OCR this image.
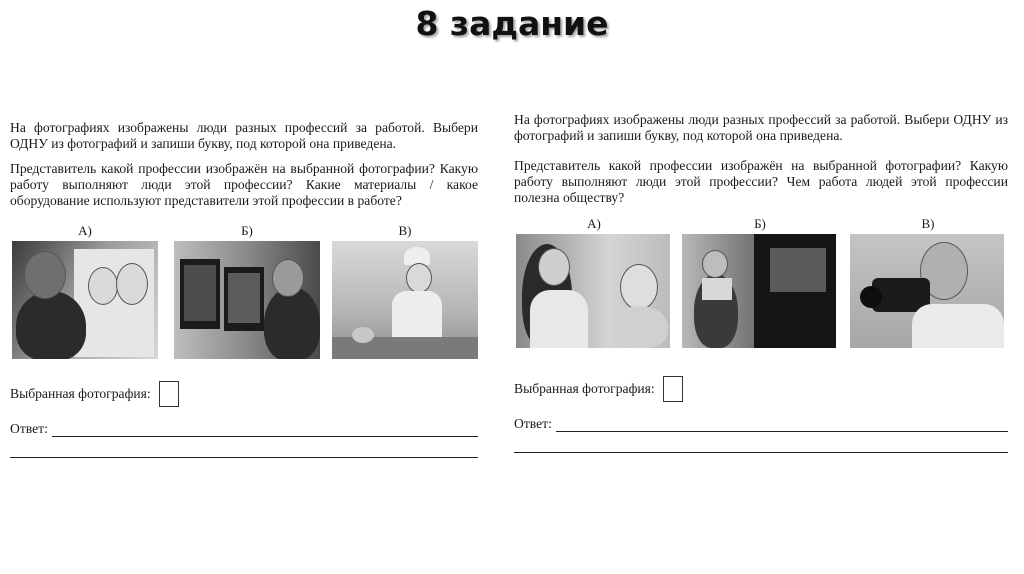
8 задание

На фотографиях изображены люди разных профессий за работой. Выбери ОДНУ из фотографий и запиши букву, под которой она приведена.

Представитель какой профессии изображён на выбранной фотографии? Какую работу выполняют люди этой профессии? Какие материалы / какое оборудование используют представители этой профессии в работе?

А)	Б)	В)
Выбранная фотография:
Ответ:

На фотографиях изображены люди разных профессий за работой. Выбери ОДНУ из фотографий и запиши букву, под которой она приведена.

Представитель какой профессии изображён на выбранной фотографии? Какую работу выполняют люди этой профессии? Чем работа людей этой профессии полезна обществу?

А)	Б)	В)
Выбранная фотография:
Ответ:
